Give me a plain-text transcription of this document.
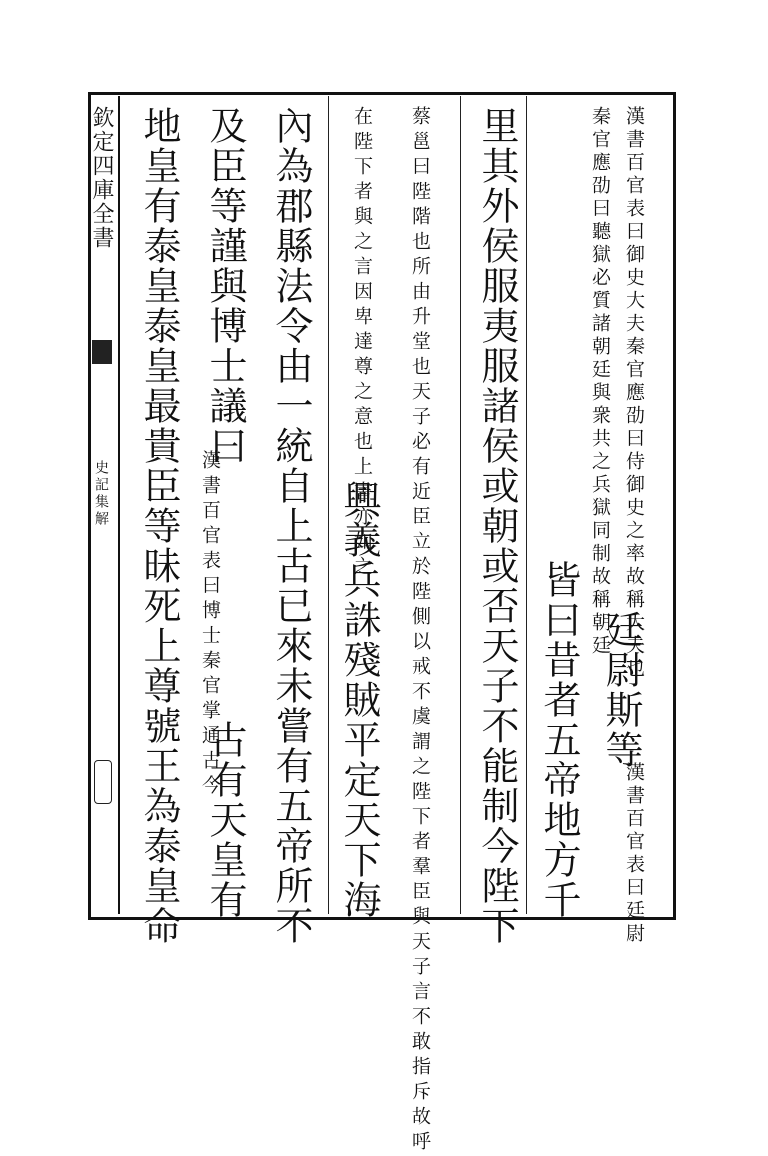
漢書百官表曰御史大夫秦官應劭曰侍御史之率故稱大夫也
秦官應劭曰聽獄必質諸朝廷與衆共之兵獄同制故稱朝廷
廷尉斯等
漢書百官表曰廷尉
里其外侯服夷服諸侯或朝或否天子不能制今陛下 皆曰昔者五帝地方千
蔡邕曰陛階也所由升堂也天子必有近臣立於陛側以戒不虞謂之陛下者羣臣與天子言不敢指斥故呼
在陛下者與之言因卑達尊之意也上書亦如之
興義兵誅殘賊平定天下海
內為郡縣法令由一統自上古已來未嘗有五帝所不
及臣等謹與博士議曰
漢書百官表曰博士秦官掌通古今
古有天皇有
地皇有泰皇泰皇最貴臣等昧死上尊號王為泰皇命
欽定四庫全書
史記集解
